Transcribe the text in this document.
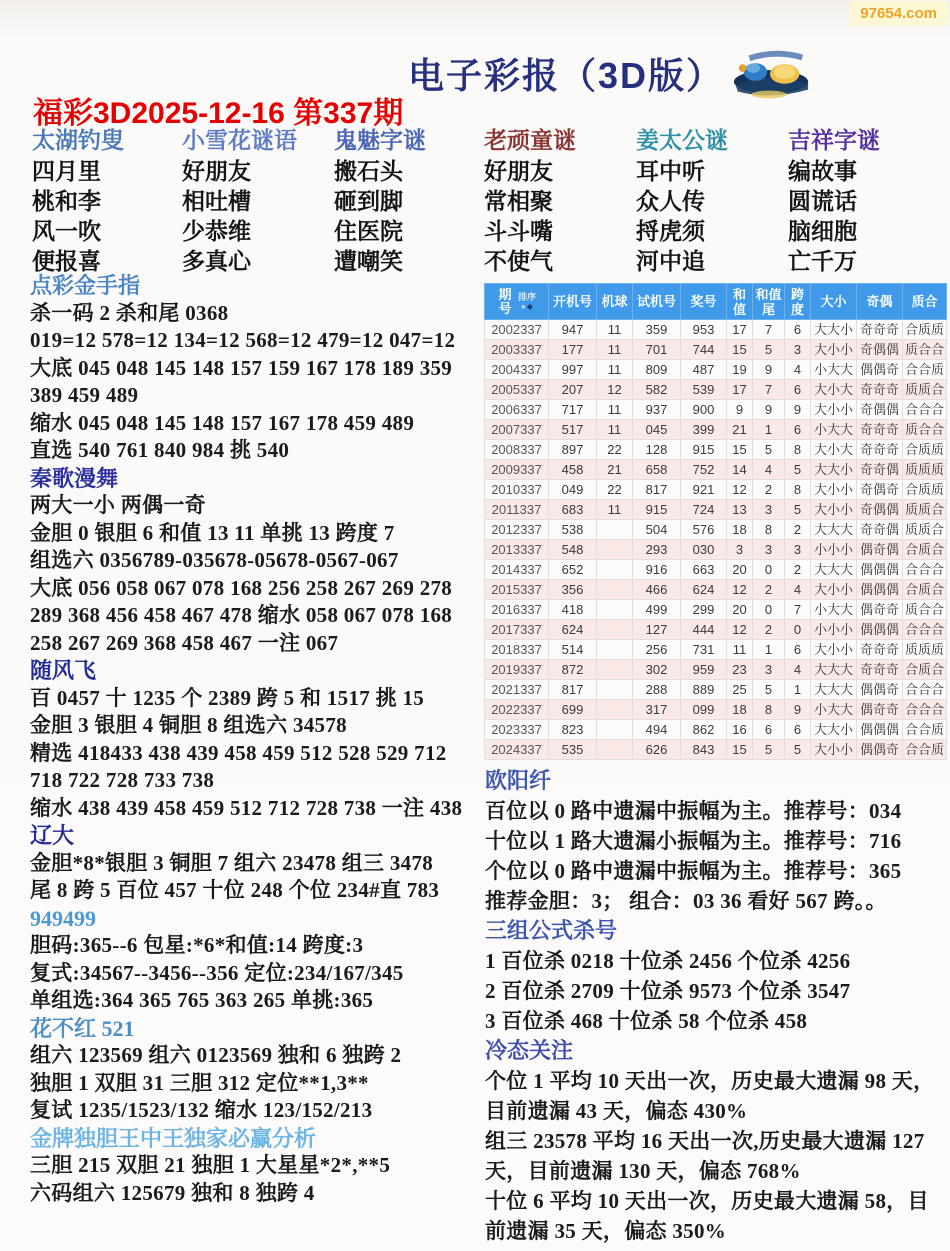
97654.com
电子彩报（3D版）
福彩3D2025-12-16 第337期
太湖钓叟
四月里
桃和李
风一吹
便报喜
小雪花谜语
好朋友
相吐槽
少恭维
多真心
鬼魅字谜
搬石头
砸到脚
住医院
遭嘲笑
老顽童谜
好朋友
常相聚
斗斗嘴
不使气
姜太公谜
耳中听
众人传
捋虎须
河中追
吉祥字谜
编故事
圆谎话
脑细胞
亡千万
点彩金手指
杀一码 2 杀和尾 0368
019=12 578=12 134=12 568=12 479=12 047=12
大底 045 048 145 148 157 159 167 178 189 359
389 459 489
缩水 045 048 145 148 157 167 178 459 489
直选 540 761 840 984 挑 540
秦歌漫舞
两大一小 两偶一奇
金胆 0 银胆 6 和值 13 11 单挑 13 跨度 7
组选六 0356789-035678-05678-0567-067
大底 056 058 067 078 168 256 258 267 269 278
289 368 456 458 467 478 缩水 058 067 078 168
258 267 269 368 458 467 一注 067
随风飞
百 0457 十 1235 个 2389 跨 5 和 1517 挑 15
金胆 3 银胆 4 铜胆 8 组选六 34578
精选 418433 438 439 458 459 512 528 529 712
718 722 728 733 738
缩水 438 439 458 459 512 712 728 738 一注 438
辽大
金胆*8*银胆 3 铜胆 7 组六 23478 组三 3478
尾 8 跨 5 百位 457 十位 248 个位 234#直 783
949499
胆码:365--6 包星:*6*和值:14 跨度:3
复式:34567--3456--356 定位:234/167/345
单组选:364 365 765 363 265 单挑:365
花不红 521
组六 123569 组六 0123569 独和 6 独跨 2
独胆 1 双胆 31 三胆 312 定位**1,3**
复试 1235/1523/132 缩水 123/152/213
金牌独胆王中王独家必赢分析
三胆 215 双胆 21 独胆 1 大星星*2*,**5
六码组六 125679 独和 8 独跨 4
期号
排序
●◆	开机号	机球	试机号	奖号	和值	和值尾	跨度	大小	奇偶	质合
2002337	947	11	359	953	17	7	6	大大小	奇奇奇	合质质
2003337	177	11	701	744	15	5	3	大小小	奇偶偶	质合合
2004337	997	11	809	487	19	9	4	小大大	偶偶奇	合合质
2005337	207	12	582	539	17	7	6	大小大	奇奇奇	质质合
2006337	717	11	937	900	9	9	9	大小小	奇偶偶	合合合
2007337	517	11	045	399	21	1	6	小大大	奇奇奇	质合合
2008337	897	22	128	915	15	5	8	大小大	奇奇奇	合质质
2009337	458	21	658	752	14	4	5	大大小	奇奇偶	质质质
2010337	049	22	817	921	12	2	8	大小小	奇偶奇	合质质
2011337	683	11	915	724	13	3	5	大小小	奇偶偶	质质合
2012337	538		504	576	18	8	2	大大大	奇奇偶	质质合
2013337	548		293	030	3	3	3	小小小	偶奇偶	合质合
2014337	652		916	663	20	0	2	大大大	偶偶偶	合合合
2015337	356		466	624	12	2	4	大小小	偶偶偶	合质合
2016337	418		499	299	20	0	7	小大大	偶奇奇	质合合
2017337	624		127	444	12	2	0	小小小	偶偶偶	合合合
2018337	514		256	731	11	1	6	大小小	奇奇奇	质质质
2019337	872		302	959	23	3	4	大大大	奇奇奇	合质合
2021337	817		288	889	25	5	1	大大大	偶偶奇	合合合
2022337	699		317	099	18	8	9	小大大	偶奇奇	合合合
2023337	823		494	862	16	6	6	大大小	偶偶偶	合合质
2024337	535		626	843	15	5	5	大小小	偶偶奇	合合质
欧阳纤
百位以 0 路中遗漏中振幅为主。推荐号：034
十位以 1 路大遗漏小振幅为主。推荐号：716
个位以 0 路中遗漏中振幅为主。推荐号：365
推荐金胆：3； 组合：03 36 看好 567 跨。。
三组公式杀号
1 百位杀 0218 十位杀 2456 个位杀 4256
2 百位杀 2709 十位杀 9573 个位杀 3547
3 百位杀 468 十位杀 58 个位杀 458
冷态关注
个位 1 平均 10 天出一次，历史最大遗漏 98 天，
目前遗漏 43 天，偏态 430%
组三 23578 平均 16 天出一次,历史最大遗漏 127
天，目前遗漏 130 天，偏态 768%
十位 6 平均 10 天出一次，历史最大遗漏 58，目
前遗漏 35 天，偏态 350%
